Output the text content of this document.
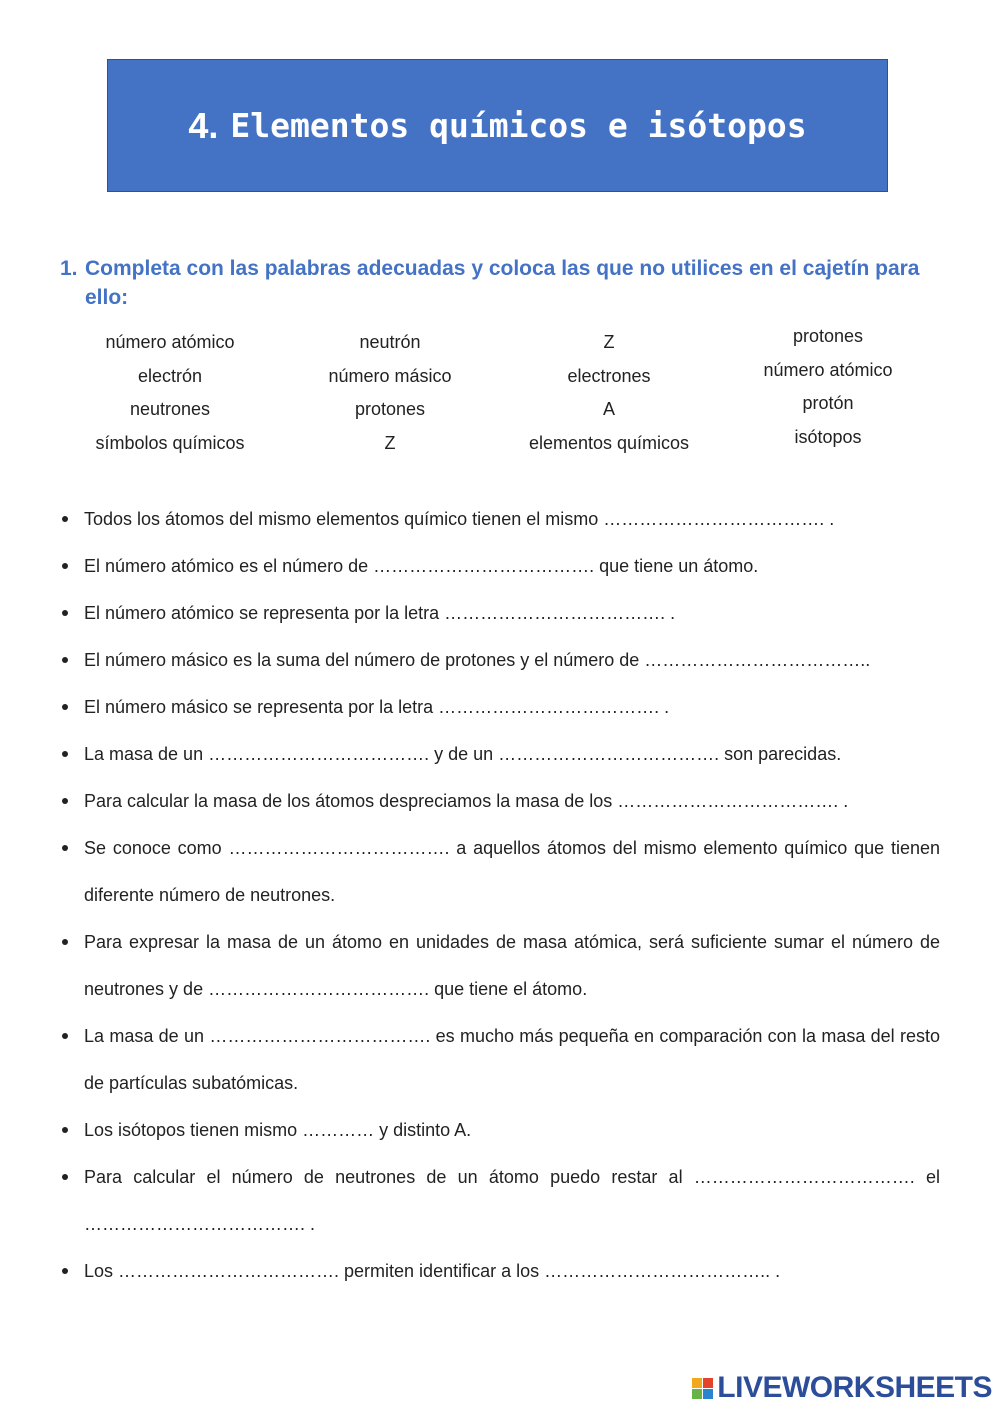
4. Elementos químicos e isótopos
1. Completa con las palabras adecuadas y coloca las que no utilices en el cajetín para ello:
número atómico
electrón
neutrones
símbolos químicos
neutrón
número másico
protones
Z
Z
electrones
A
elementos químicos
protones
número atómico
protón
isótopos
Todos los átomos del mismo elementos químico tienen el mismo ………………………………. .
El número atómico es el número de ………………………………. que tiene un átomo.
El número atómico se representa por la letra ………………………………. .
El número másico es la suma del número de protones y el número de ………………………………..
El número másico se representa por la letra ………………………………. .
La masa de un ………………………………. y de un ………………………………. son parecidas.
Para calcular la masa de los átomos despreciamos la masa de los ………………………………. .
Se conoce como ………………………………. a aquellos átomos del mismo elemento químico que tienen diferente número de neutrones.
Para expresar la masa de un átomo en unidades de masa atómica, será suficiente sumar el número de neutrones y de ………………………………. que tiene el átomo.
La masa de un ………………………………. es mucho más pequeña en comparación con la masa del resto de partículas subatómicas.
Los isótopos tienen mismo ………… y distinto A.
Para calcular el número de neutrones de un átomo puedo restar al ………………………………. el ………………………………. .
Los ………………………………. permiten identificar a los ……………………………….. .
LIVEWORKSHEETS
